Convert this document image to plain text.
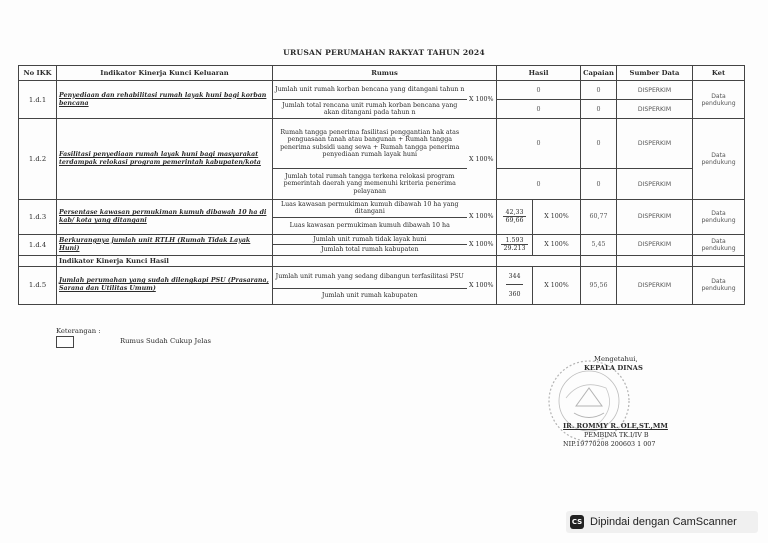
URUSAN PERUMAHAN RAKYAT TAHUN 2024
No IKK	Indikator Kinerja Kunci Keluaran	Rumus		Hasil		Capaian	Sumber Data	Ket
1.d.1	Penyediaan dan rehabilitasi rumah layak huni bagi korban bencana	Jumlah unit rumah korban bencana yang ditangani tahun n	X 100%	0		0	DISPERKIM	Data pendukung
		Jumlah total rencana unit rumah korban bencana yang akan ditangani pada tahun n		0		0	DISPERKIM	
1.d.2	Fasilitasi penyediaan rumah layak huni bagi masyarakat terdampak relokasi program pemerintah kabupaten/kota	Rumah tangga penerima fasilitasi penggantian hak atas penguasaan tanah atau bangunan + Rumah tangga penerima subsidi uang sewa + Rumah tangga penerima penyediaan rumah layak huni	X 100%	0		0	DISPERKIM	Data pendukung
		Jumlah total rumah tangga terkena relokasi program pemerintah daerah yang memenuhi kriteria penerima pelayanan		0		0	DISPERKIM	
1.d.3	Persentase kawasan permukiman kumuh dibawah 10 ha di kab/ kota yang ditangani	Luas kawasan permukiman kumuh dibawah 10 ha yang ditangani	X 100%	$\frac{42,33}{69,66}$	X 100%	60,77	DISPERKIM	Data pendukung
		Luas kawasan permukiman kumuh dibawah 10 ha						
1.d.4	Berkurangnya jumlah unit RTLH (Rumah Tidak Layak Huni)	Jumlah unit rumah tidak layak huni	X 100%	$\frac{1.593}{29.213}$	X 100%	5,45	DISPERKIM	Data pendukung
		Jumlah total rumah kabupaten						
	Indikator Kinerja Kunci Hasil							
1.d.5	Jumlah perumahan yang sudah dilengkapi PSU (Prasarana, Sarana dan Utilitas Umum)	Jumlah unit rumah yang sedang dibangun terfasilitasi PSU	X 100%	$\frac{344}{360}$	X 100%	95,56	DISPERKIM	Data pendukung
		Jumlah unit rumah kabupaten						
Keterangan :
Rumus Sudah Cukup Jelas
Mengetahui,
KEPALA DINAS
IR. ROMMY R. OLE,ST.,MM
PEMBINA TK.I/IV B
NIP.19770208 200603 1 007
CS Dipindai dengan CamScanner
